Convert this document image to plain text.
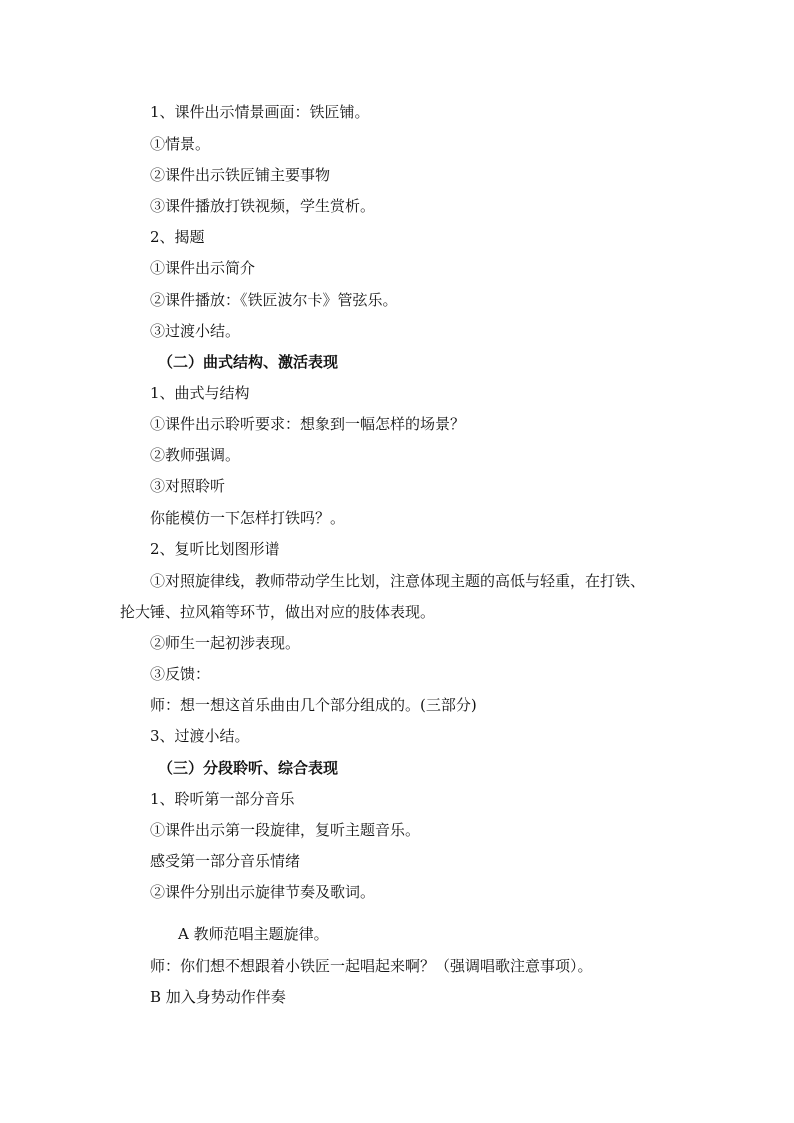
1、课件出示情景画面：铁匠铺。

①情景。

②课件出示铁匠铺主要事物

③课件播放打铁视频，学生赏析。

2、揭题

①课件出示简介

②课件播放：《铁匠波尔卡》管弦乐。

③过渡小结。

（二）曲式结构、激活表现

1、曲式与结构

①课件出示聆听要求：想象到一幅怎样的场景？

②教师强调。

③对照聆听

你能模仿一下怎样打铁吗？。

2、复听比划图形谱

①对照旋律线，教师带动学生比划，注意体现主题的高低与轻重，在打铁、

抡大锤、拉风箱等环节，做出对应的肢体表现。

②师生一起初涉表现。

③反馈：

师：想一想这首乐曲由几个部分组成的。(三部分)

3、过渡小结。

（三）分段聆听、综合表现

1、聆听第一部分音乐

①课件出示第一段旋律，复听主题音乐。

感受第一部分音乐情绪

②课件分别出示旋律节奏及歌词。

A 教师范唱主题旋律。

师：你们想不想跟着小铁匠一起唱起来啊？（强调唱歌注意事项）。

B 加入身势动作伴奏
